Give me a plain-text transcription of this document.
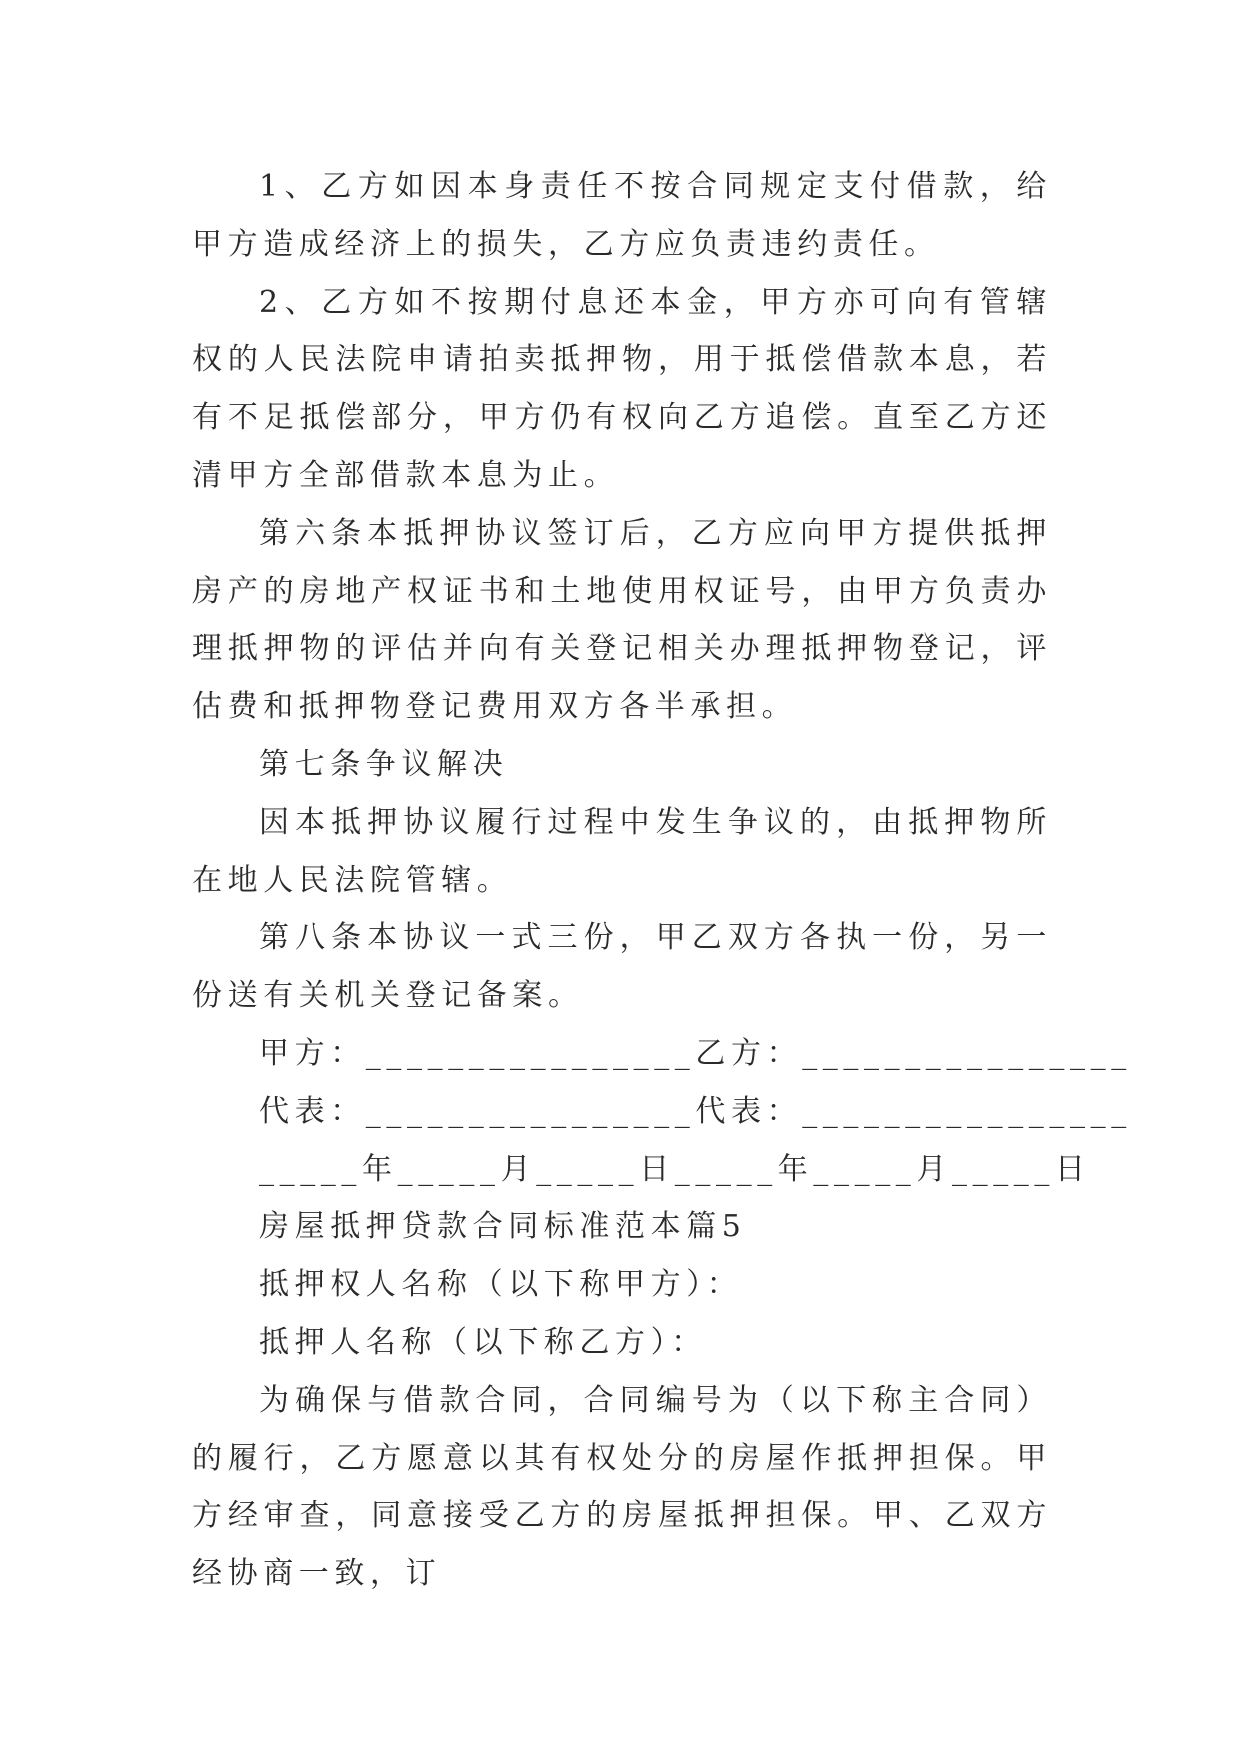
1、乙方如因本身责任不按合同规定支付借款，给甲方造成经济上的损失，乙方应负责违约责任。

2、乙方如不按期付息还本金，甲方亦可向有管辖权的人民法院申请拍卖抵押物，用于抵偿借款本息，若有不足抵偿部分，甲方仍有权向乙方追偿。直至乙方还清甲方全部借款本息为止。

第六条本抵押协议签订后，乙方应向甲方提供抵押房产的房地产权证书和土地使用权证号，由甲方负责办理抵押物的评估并向有关登记相关办理抵押物登记，评估费和抵押物登记费用双方各半承担。

第七条争议解决

因本抵押协议履行过程中发生争议的，由抵押物所在地人民法院管辖。

第八条本协议一式三份，甲乙双方各执一份，另一份送有关机关登记备案。

甲方：________________乙方：________________

代表：________________代表：________________

_____年_____月_____日_____年_____月_____日

房屋抵押贷款合同标准范本篇5

抵押权人名称（以下称甲方）：

抵押人名称（以下称乙方）：

为确保与借款合同，合同编号为（以下称主合同）的履行，乙方愿意以其有权处分的房屋作抵押担保。甲方经审查，同意接受乙方的房屋抵押担保。甲、乙双方经协商一致，订
